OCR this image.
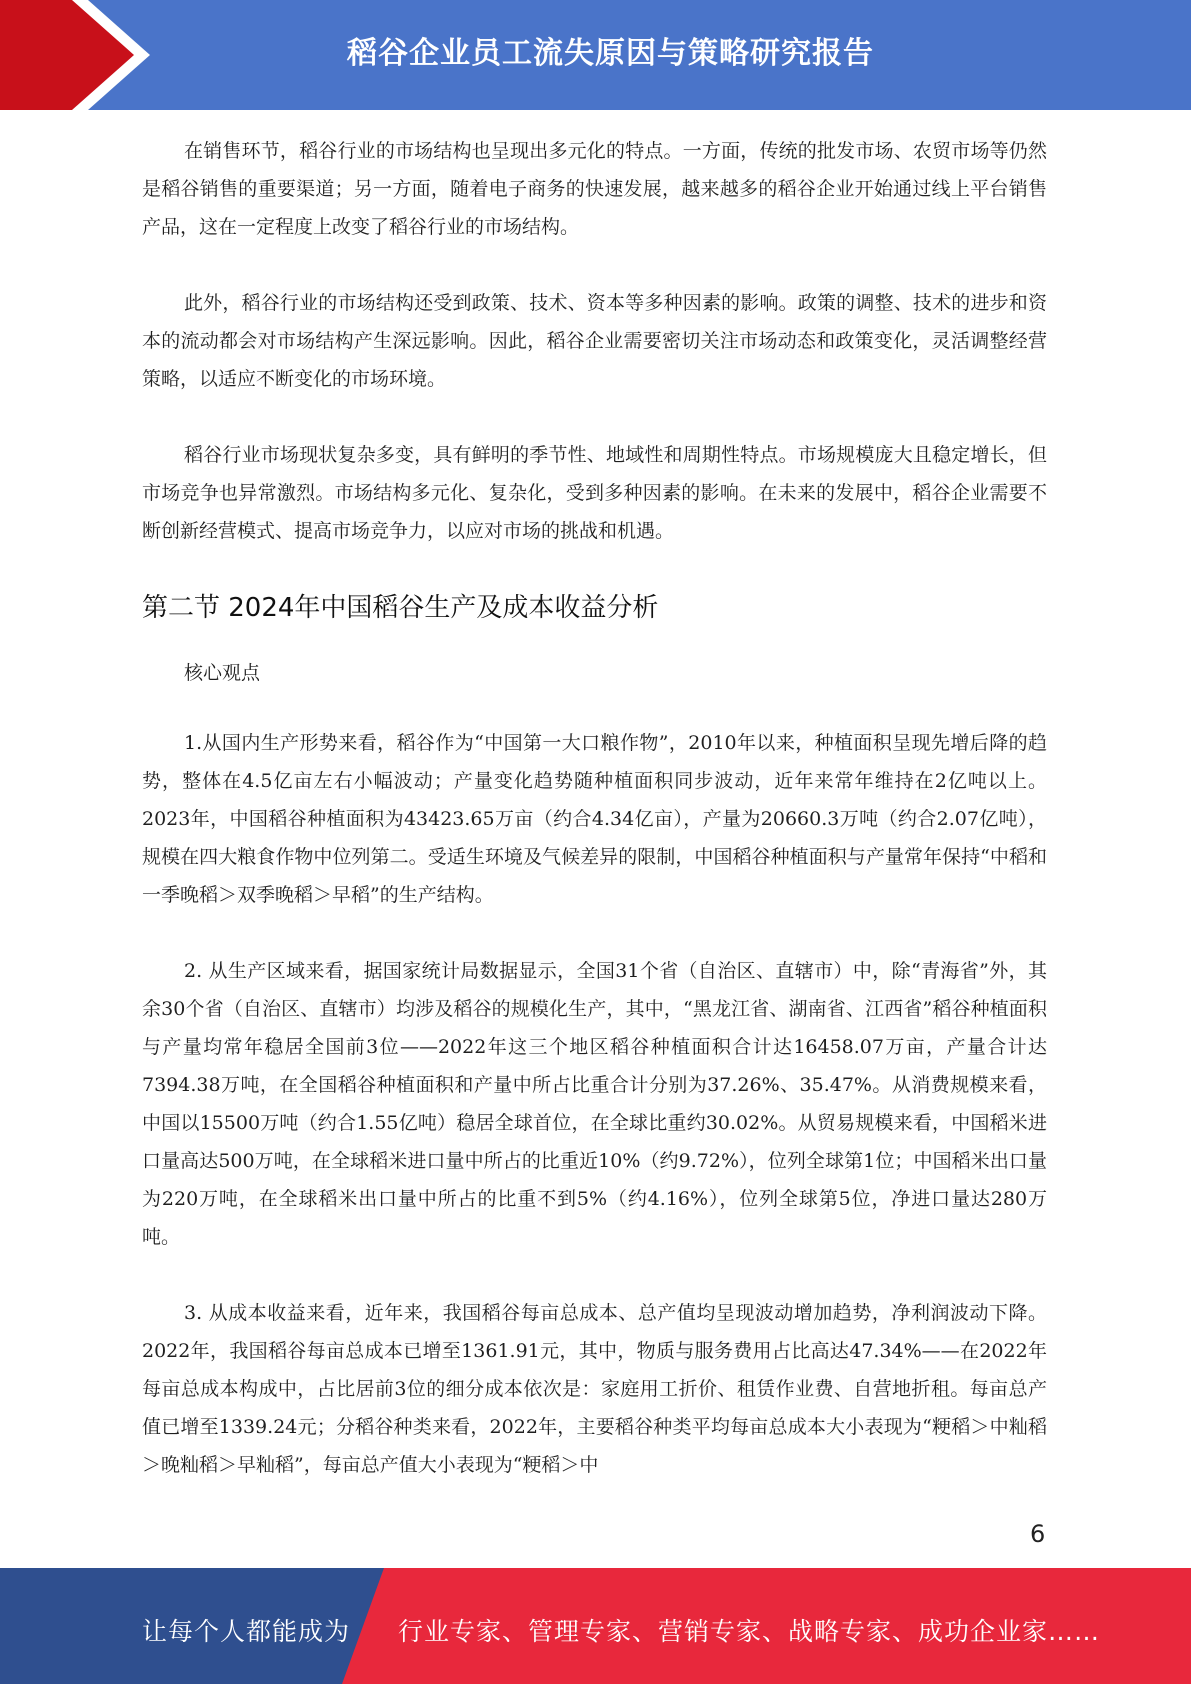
稻谷企业员工流失原因与策略研究报告

在销售环节，稻谷行业的市场结构也呈现出多元化的特点。一方面，传统的批发市场、农贸市场等仍然是稻谷销售的重要渠道；另一方面，随着电子商务的快速发展，越来越多的稻谷企业开始通过线上平台销售产品，这在一定程度上改变了稻谷行业的市场结构。

此外，稻谷行业的市场结构还受到政策、技术、资本等多种因素的影响。政策的调整、技术的进步和资本的流动都会对市场结构产生深远影响。因此，稻谷企业需要密切关注市场动态和政策变化，灵活调整经营策略，以适应不断变化的市场环境。

稻谷行业市场现状复杂多变，具有鲜明的季节性、地域性和周期性特点。市场规模庞大且稳定增长，但市场竞争也异常激烈。市场结构多元化、复杂化，受到多种因素的影响。在未来的发展中，稻谷企业需要不断创新经营模式、提高市场竞争力，以应对市场的挑战和机遇。

第二节 2024年中国稻谷生产及成本收益分析

核心观点

1.从国内生产形势来看，稻谷作为“中国第一大口粮作物”，2010年以来，种植面积呈现先增后降的趋势，整体在4.5亿亩左右小幅波动；产量变化趋势随种植面积同步波动，近年来常年维持在2亿吨以上。2023年，中国稻谷种植面积为43423.65万亩（约合4.34亿亩），产量为20660.3万吨（约合2.07亿吨），规模在四大粮食作物中位列第二。受适生环境及气候差异的限制，中国稻谷种植面积与产量常年保持“中稻和一季晚稻＞双季晚稻＞早稻”的生产结构。

2. 从生产区域来看，据国家统计局数据显示，全国31个省（自治区、直辖市）中，除“青海省”外，其余30个省（自治区、直辖市）均涉及稻谷的规模化生产，其中，“黑龙江省、湖南省、江西省”稻谷种植面积与产量均常年稳居全国前3位——2022年这三个地区稻谷种植面积合计达16458.07万亩，产量合计达7394.38万吨，在全国稻谷种植面积和产量中所占比重合计分别为37.26%、35.47%。从消费规模来看，中国以15500万吨（约合1.55亿吨）稳居全球首位，在全球比重约30.02%。从贸易规模来看，中国稻米进口量高达500万吨，在全球稻米进口量中所占的比重近10%（约9.72%），位列全球第1位；中国稻米出口量为220万吨，在全球稻米出口量中所占的比重不到5%（约4.16%），位列全球第5位，净进口量达280万吨。

3. 从成本收益来看，近年来，我国稻谷每亩总成本、总产值均呈现波动增加趋势，净利润波动下降。2022年，我国稻谷每亩总成本已增至1361.91元，其中，物质与服务费用占比高达47.34%——在2022年每亩总成本构成中，占比居前3位的细分成本依次是：家庭用工折价、租赁作业费、自营地折租。每亩总产值已增至1339.24元；分稻谷种类来看，2022年，主要稻谷种类平均每亩总成本大小表现为“粳稻＞中籼稻＞晚籼稻＞早籼稻”，每亩总产值大小表现为“粳稻＞中

6
让每个人都能成为 行业专家、管理专家、营销专家、战略专家、成功企业家……
